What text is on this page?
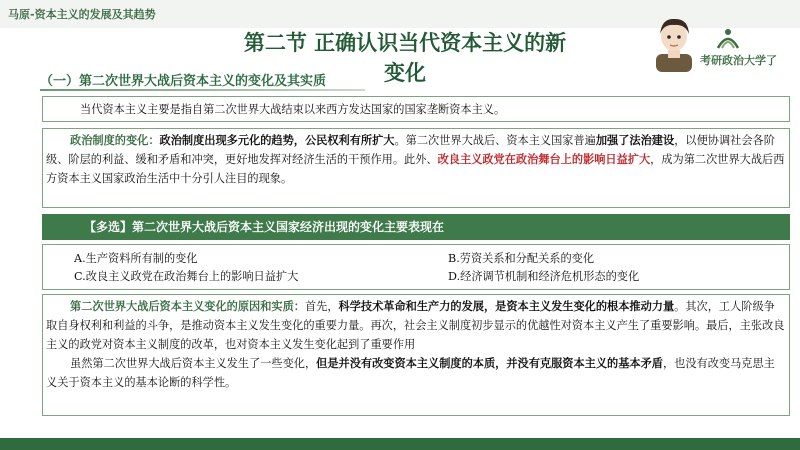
马原-资本主义的发展及其趋势
第二节 正确认识当代资本主义的新
变化
考研政治大学了
（一）第二次世界大战后资本主义的变化及其实质
当代资本主义主要是指自第二次世界大战结束以来西方发达国家的国家垄断资本主义。
政治制度的变化：政治制度出现多元化的趋势，公民权利有所扩大。第二次世界大战后、资本主义国家普遍加强了法治建设，以便协调社会各阶级、阶层的利益、缓和矛盾和冲突，更好地发挥对经济生活的干预作用。此外、改良主义政党在政治舞台上的影响日益扩大，成为第二次世界大战后西方资本主义国家政治生活中十分引人注目的现象。
【多选】第二次世界大战后资本主义国家经济出现的变化主要表现在
A.生产资料所有制的变化	B.劳资关系和分配关系的变化
C.改良主义政党在政治舞台上的影响日益扩大	D.经济调节机制和经济危机形态的变化
第二次世界大战后资本主义变化的原因和实质：首先，科学技术革命和生产力的发展，是资本主义发生变化的根本推动力量。其次，工人阶级争取自身权利和利益的斗争，是推动资本主义发生变化的重要力量。再次，社会主义制度初步显示的优越性对资本主义产生了重要影响。最后，主张改良主义的政党对资本主义制度的改革，也对资本主义发生变化起到了重要作用
虽然第二次世界大战后资本主义发生了一些变化，但是并没有改变资本主义制度的本质，并没有克服资本主义的基本矛盾，也没有改变马克思主义关于资本主义的基本论断的科学性。
